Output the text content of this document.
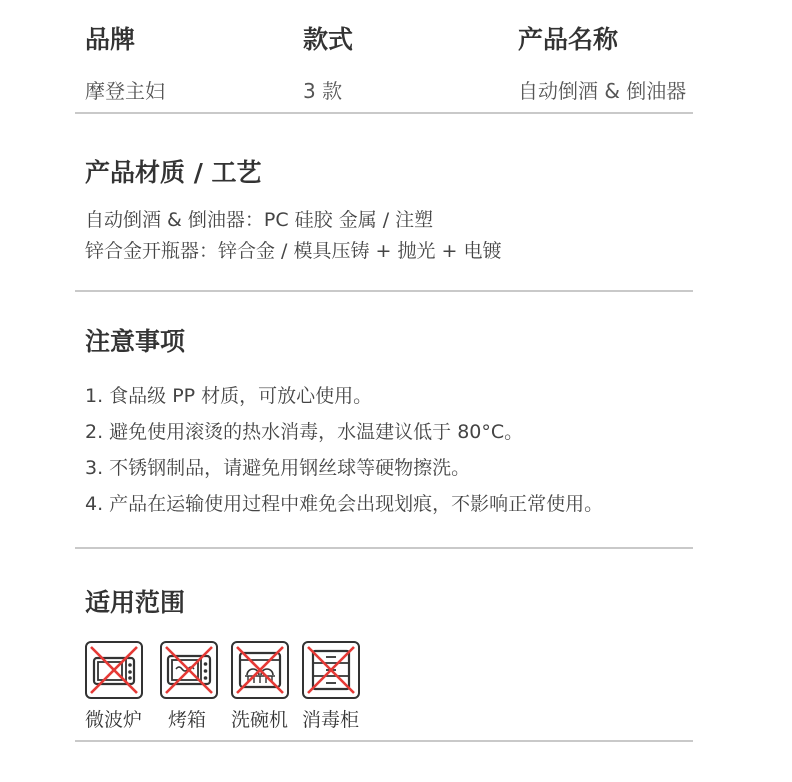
品牌	款式	产品名称
摩登主妇	3 款	自动倒酒 & 倒油器
产品材质 / 工艺
自动倒酒 & 倒油器：PC 硅胶 金属 / 注塑
锌合金开瓶器：锌合金 / 模具压铸 + 抛光 + 电镀
注意事项
1. 食品级 PP 材质，可放心使用。
2. 避免使用滚烫的热水消毒，水温建议低于 80°C。
3. 不锈钢制品，请避免用钢丝球等硬物擦洗。
4. 产品在运输使用过程中难免会出现划痕，不影响正常使用。
适用范围
微波炉 烤箱 洗碗机 消毒柜
